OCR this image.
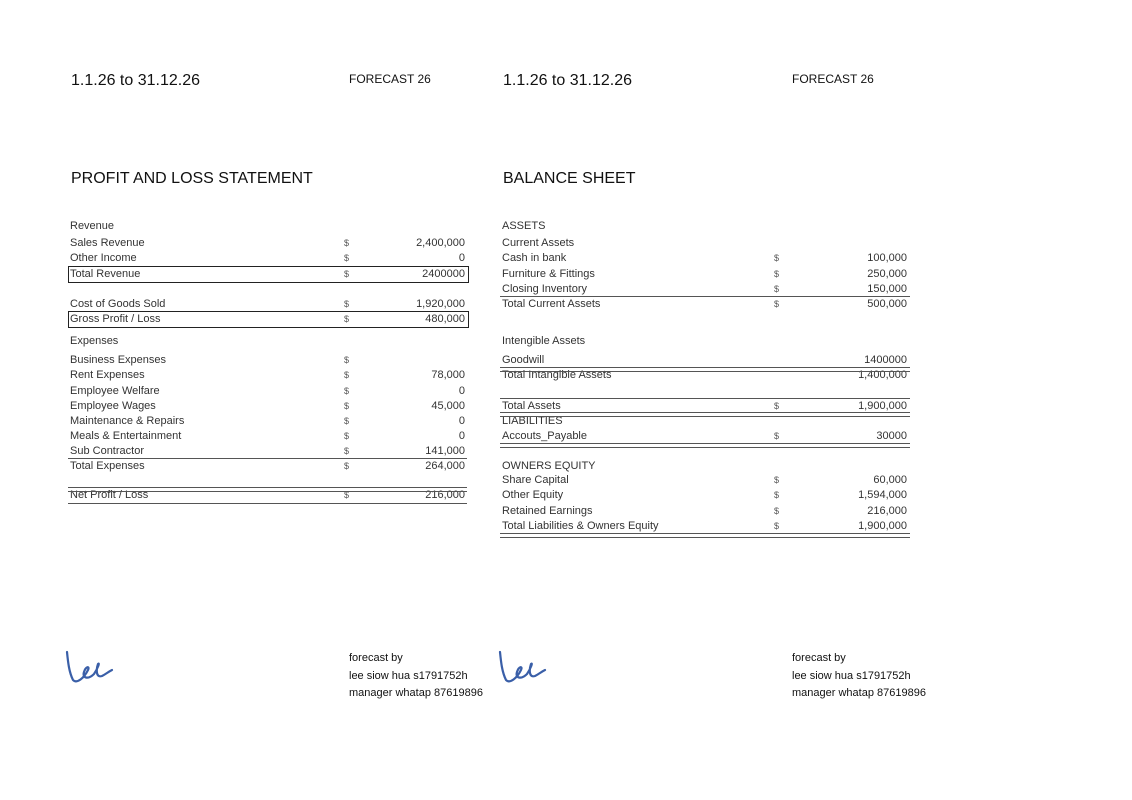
1.1.26 to 31.12.26	FORECAST 26
PROFIT AND LOSS STATEMENT
Revenue
Sales Revenue	$	2,400,000
Other Income	$	0
Total Revenue	$	2400000
Cost of Goods Sold	$	1,920,000
Gross Profit / Loss	$	480,000
Expenses
Business Expenses	$
Rent Expenses	$	78,000
Employee Welfare	$	0
Employee Wages	$	45,000
Maintenance & Repairs	$	0
Meals & Entertainment	$	0
Sub Contractor	$	141,000
Total Expenses	$	264,000
Net Profit / Loss	$	216,000
forecast by
lee siow hua s1791752h
manager whatap 87619896
1.1.26 to 31.12.26	FORECAST 26
BALANCE SHEET
ASSETS
Current Assets
Cash in bank	$	100,000
Furniture & Fittings	$	250,000
Closing Inventory	$	150,000
Total Current Assets	$	500,000
Intengible Assets
Goodwill	1400000
Total Intangible Assets	1,400,000
Total Assets	$	1,900,000
LIABILITIES
Accouts_Payable	$	30000
OWNERS EQUITY
Share Capital	$	60,000
Other Equity	$	1,594,000
Retained Earnings	$	216,000
Total Liabilities & Owners Equity	$	1,900,000
forecast by
lee siow hua s1791752h
manager whatap 87619896
